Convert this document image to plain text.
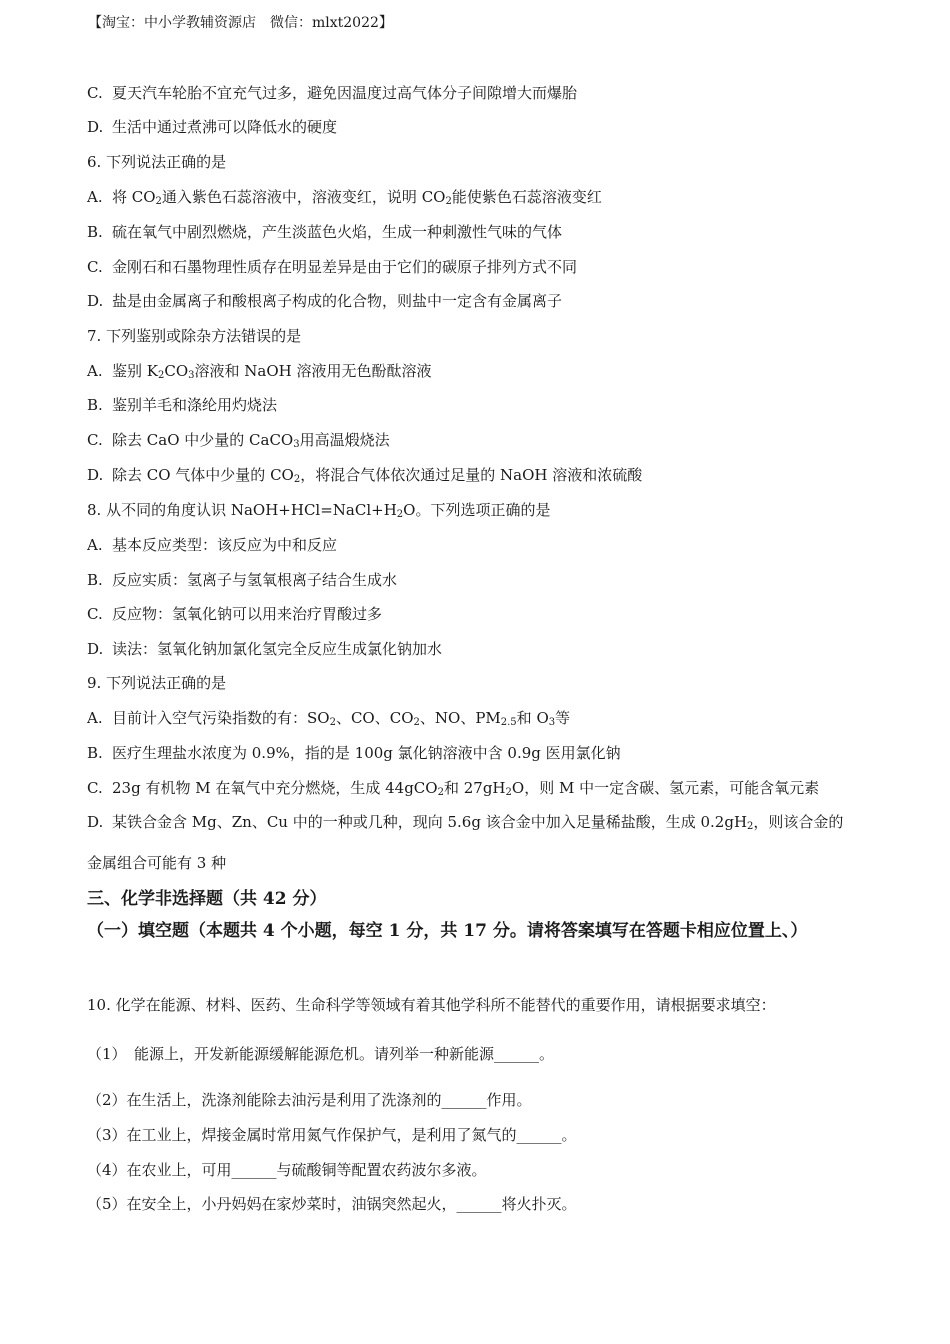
【淘宝：中小学教辅资源店　微信：mlxt2022】
C. 夏天汽车轮胎不宜充气过多，避免因温度过高气体分子间隙增大而爆胎
D. 生活中通过煮沸可以降低水的硬度
6. 下列说法正确的是
A. 将 $CO_2$通入紫色石蕊溶液中，溶液变红，说明 $CO_2$能使紫色石蕊溶液变红
B. 硫在氧气中剧烈燃烧，产生淡蓝色火焰，生成一种刺激性气味的气体
C. 金刚石和石墨物理性质存在明显差异是由于它们的碳原子排列方式不同
D. 盐是由金属离子和酸根离子构成的化合物，则盐中一定含有金属离子
7. 下列鉴别或除杂方法错误的是
A. 鉴别 $K_2CO_3$溶液和 NaOH 溶液用无色酚酞溶液
B. 鉴别羊毛和涤纶用灼烧法
C. 除去 CaO 中少量的 CaCO$_3$用高温煅烧法
D. 除去 CO 气体中少量的 $CO_2$，将混合气体依次通过足量的 NaOH 溶液和浓硫酸
8. 从不同的角度认识 $NaOH+HCl=NaCl+H_2O$。下列选项正确的是
A. 基本反应类型：该反应为中和反应
B. 反应实质：氢离子与氢氧根离子结合生成水
C. 反应物：氢氧化钠可以用来治疗胃酸过多
D. 读法：氢氧化钠加氯化氢完全反应生成氯化钠加水
9. 下列说法正确的是
A. 目前计入空气污染指数的有：$SO_2$、CO、$CO_2$、NO、$PM_{2.5}$和 $O_3$等
B. 医疗生理盐水浓度为 0.9%，指的是 100g 氯化钠溶液中含 0.9g 医用氯化钠
C. 23g 有机物 M 在氧气中充分燃烧，生成 44gCO$_2$和 $27gH_2O$，则 M 中一定含碳、氢元素，可能含氧元素
D. 某铁合金含 Mg、Zn、Cu 中的一种或几种，现向 5.6g 该合金中加入足量稀盐酸，生成 $0.2gH_2$，则该合金的金属组合可能有 3 种
三、化学非选择题（共 42 分）
（一）填空题（本题共 4 个小题，每空 1 分，共 17 分。请将答案填写在答题卡相应位置上、）
10. 化学在能源、材料、医药、生命科学等领域有着其他学科所不能替代的重要作用，请根据要求填空：
（1）　能源上，开发新能源缓解能源危机。请列举一种新能源______。
（2）在生活上，洗涤剂能除去油污是利用了洗涤剂的______作用。
（3）在工业上，焊接金属时常用氮气作保护气，是利用了氮气的______。
（4）在农业上，可用______与硫酸铜等配置农药波尔多液。
（5）在安全上，小丹妈妈在家炒菜时，油锅突然起火，______将火扑灭。
